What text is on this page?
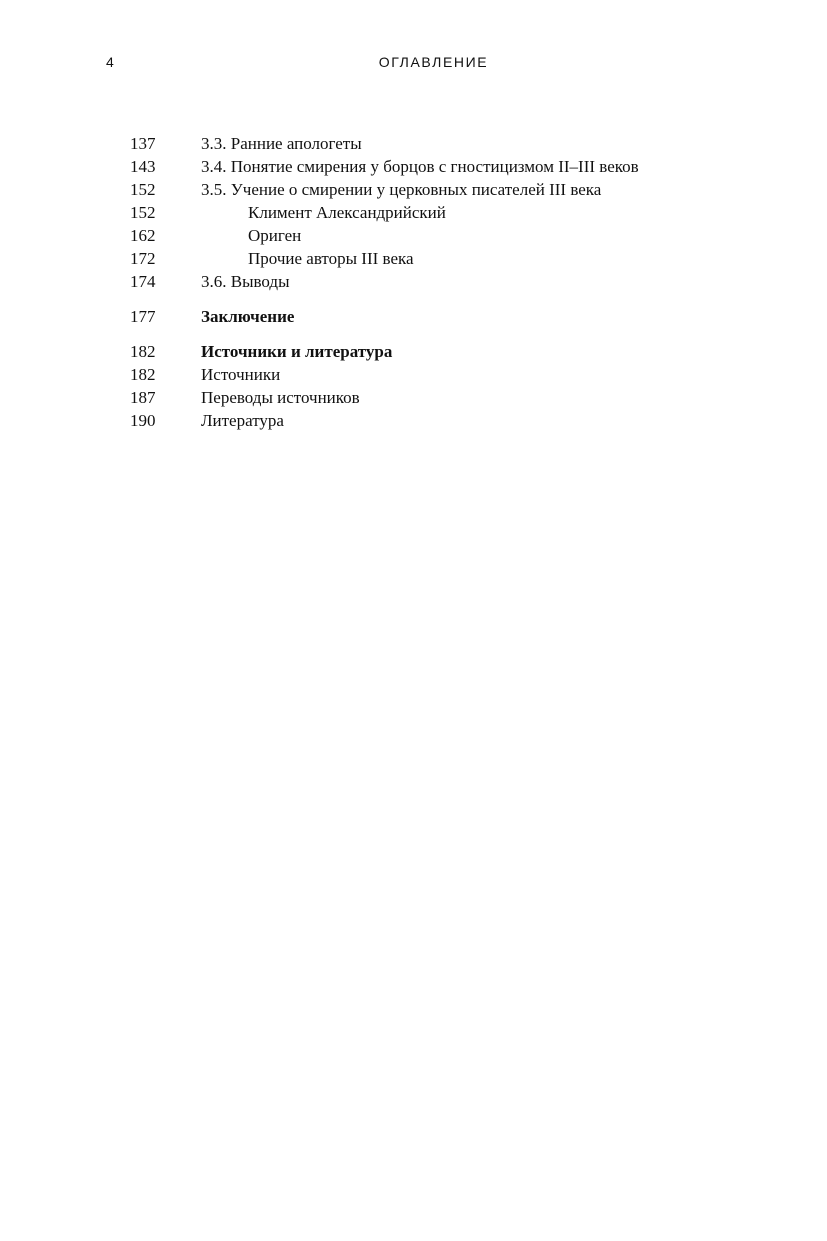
4	ОГЛАВЛЕНИЕ
137	3.3. Ранние апологеты
143	3.4. Понятие смирения у борцов с гностицизмом II–III веков
152	3.5. Учение о смирении у церковных писателей III века
152	Климент Александрийский
162	Ориген
172	Прочие авторы III века
174	3.6. Выводы
177	Заключение
182	Источники и литература
182	Источники
187	Переводы источников
190	Литература
